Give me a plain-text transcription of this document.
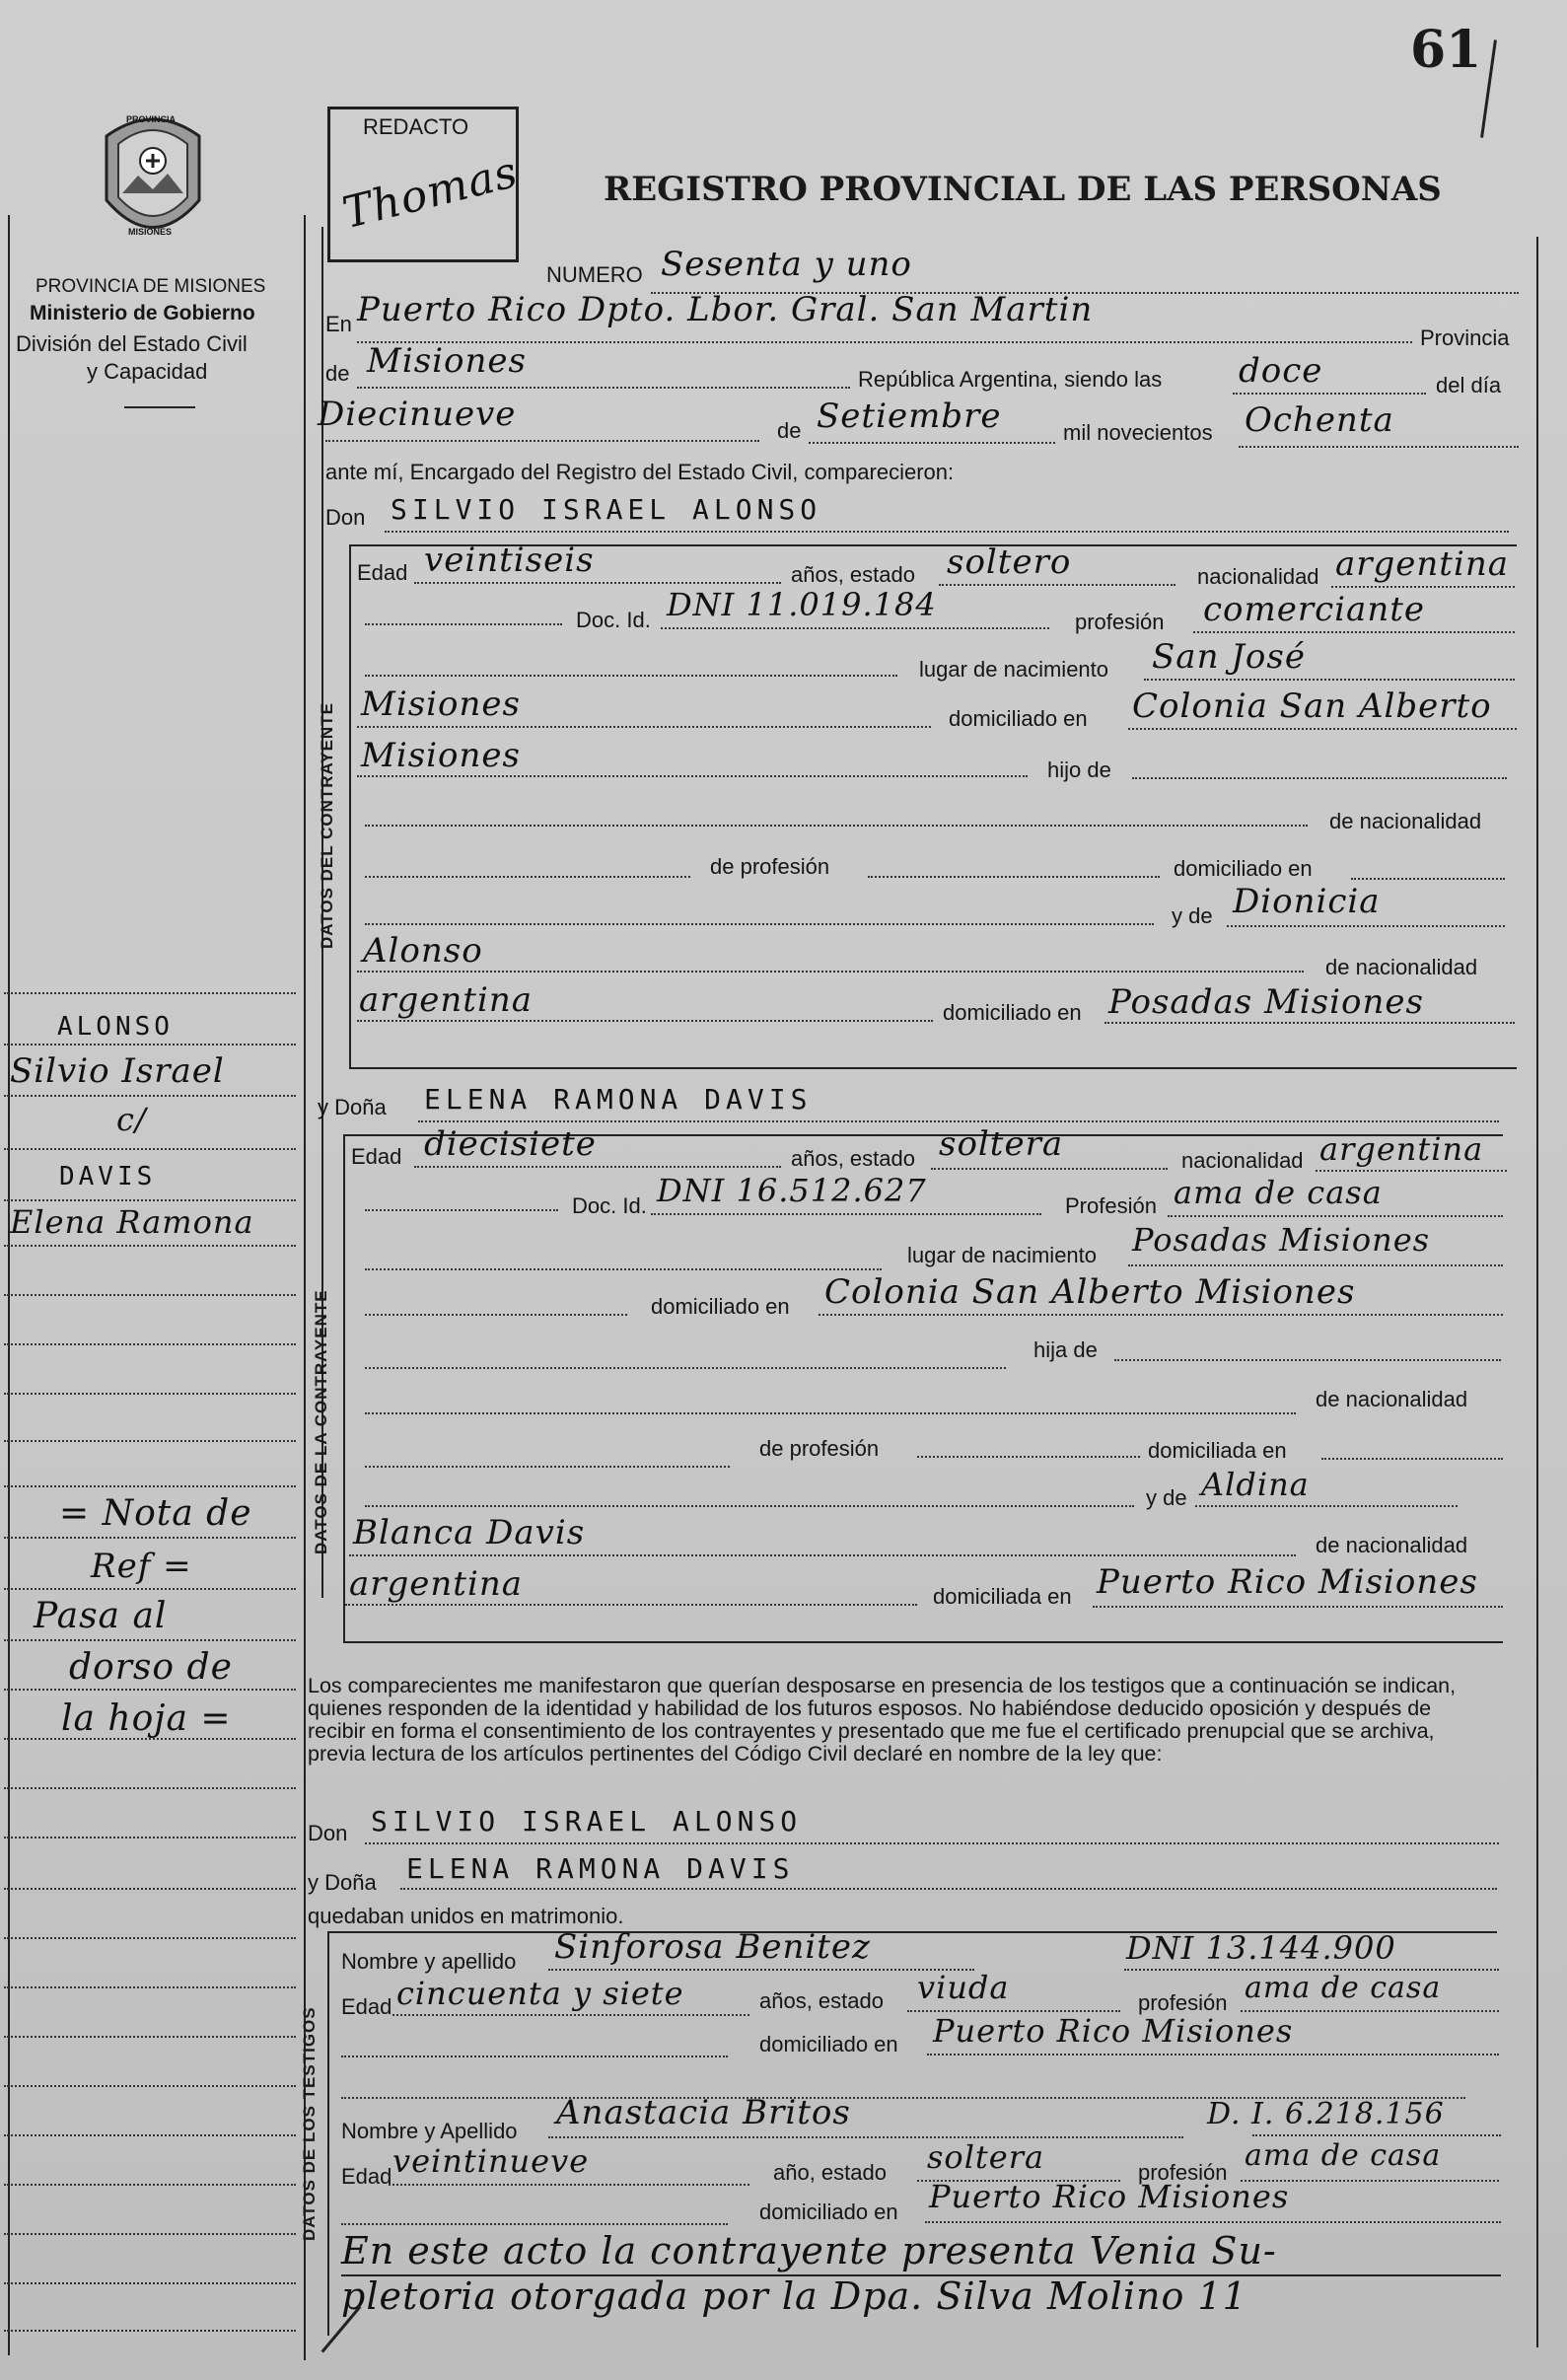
61
PROVINCIA
MISIONES
PROVINCIA DE MISIONES
Ministerio de Gobierno
División del Estado Civil
y Capacidad
REDACTO
Thomas REGISTRO PROVINCIAL DE LAS PERSONAS
NUMERO Sesenta y uno
En Puerto Rico Dpto. Lbor. Gral. San Martin
Provincia
de Misiones	República Argentina, siendo las doce	del día
Diecinueve	de Setiembre	mil novecientos Ochenta
ante mí, Encargado del Registro del Estado Civil, comparecieron:
Don SILVIO ISRAEL ALONSO
DATOS DEL CONTRAYENTE
Edad veintiseis	años, estado soltero	nacionalidad argentina
Doc. Id. DNI 11.019.184	profesión comerciante
lugar de nacimiento San José
Misiones	domiciliado en Colonia San Alberto
Misiones	hijo de
de nacionalidad
de profesión	domiciliado en
y de Dionicia
Alonso	de nacionalidad
argentina	domiciliado en Posadas Misiones
y Doña ELENA RAMONA DAVIS
DATOS DE LA CONTRAYENTE
Edad diecisiete	años, estado soltera	nacionalidad argentina
Doc. Id. DNI 16.512.627	Profesión ama de casa
lugar de nacimiento Posadas Misiones
domiciliado en Colonia San Alberto Misiones
hija de
de nacionalidad
de profesión	domiciliada en
y de Aldina
Blanca Davis	de nacionalidad
argentina	domiciliada en Puerto Rico Misiones
Los comparecientes me manifestaron que querían desposarse en presencia de los testigos que a continuación se indican, quienes responden de la identidad y habilidad de los futuros esposos. No habiéndose deducido oposición y después de recibir en forma el consentimiento de los contrayentes y presentado que me fue el certificado prenupcial que se archiva, previa lectura de los artículos pertinentes del Código Civil declaré en nombre de la ley que:
Don SILVIO ISRAEL ALONSO
y Doña ELENA RAMONA DAVIS
quedaban unidos en matrimonio.
DATOS DE LOS TESTIGOS
Nombre y apellido Sinforosa Benitez	DNI 13.144.900
Edad cincuenta y siete	años, estado viuda	profesión ama de casa
domiciliado en Puerto Rico Misiones
Nombre y Apellido Anastacia Britos	D. I. 6.218.156
Edad veintinueve	año, estado soltera	profesión ama de casa
domiciliado en Puerto Rico Misiones
En este acto la contrayente presenta Venia Su-
pletoria otorgada por la Dpa. Silva Molino 11
ALONSO
Silvio Israel
c/
DAVIS
Elena Ramona
= Nota de
Ref =
Pasa al
dorso de
la hoja =
